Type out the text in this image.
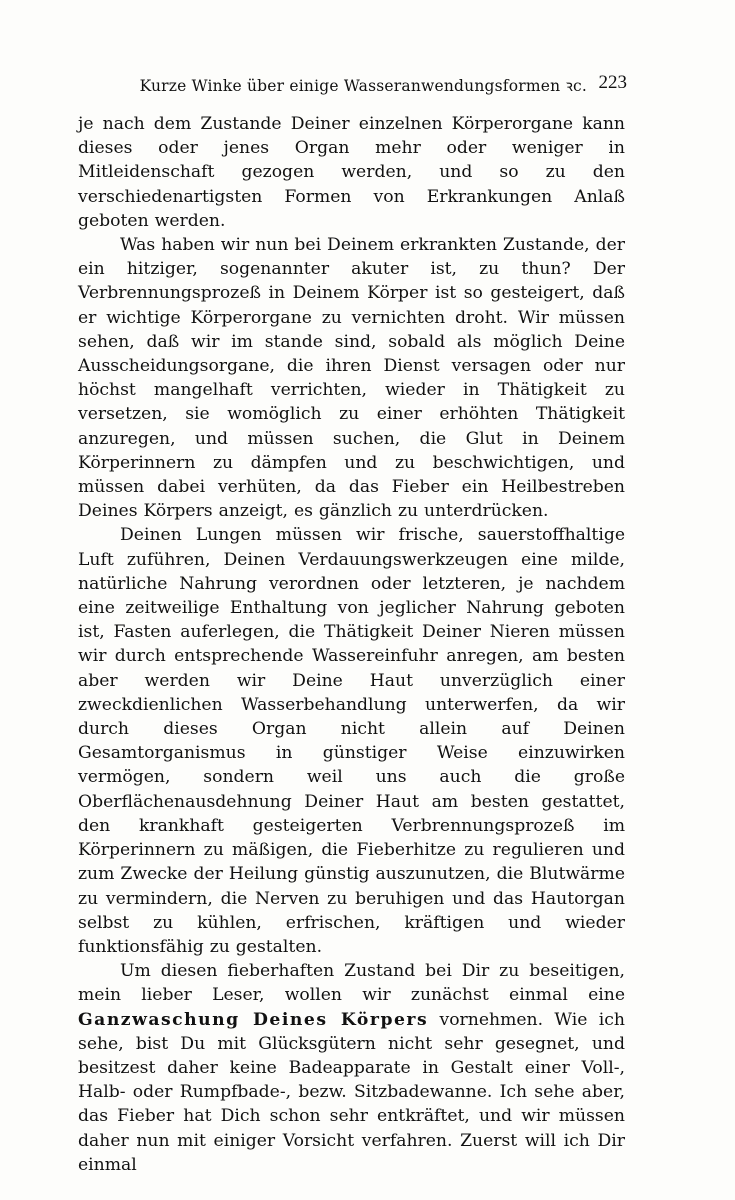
Kurze Winke über einige Wasseranwendungsformen ꝛc. 223

je nach dem Zustande Deiner einzelnen Körperorgane kann dieses oder jenes Organ mehr oder weniger in Mitleidenschaft gezogen werden, und so zu den verschiedenartigsten Formen von Erkrankungen Anlaß geboten werden.

Was haben wir nun bei Deinem erkrankten Zustande, der ein hitziger, sogenannter akuter ist, zu thun? Der Verbrennungsprozeß in Deinem Körper ist so gesteigert, daß er wichtige Körperorgane zu vernichten droht. Wir müssen sehen, daß wir im stande sind, sobald als möglich Deine Ausscheidungsorgane, die ihren Dienst versagen oder nur höchst mangelhaft verrichten, wieder in Thätigkeit zu versetzen, sie womöglich zu einer erhöhten Thätigkeit anzuregen, und müssen suchen, die Glut in Deinem Körperinnern zu dämpfen und zu beschwichtigen, und müssen dabei verhüten, da das Fieber ein Heilbestreben Deines Körpers anzeigt, es gänzlich zu unterdrücken.

Deinen Lungen müssen wir frische, sauerstoffhaltige Luft zuführen, Deinen Verdauungswerkzeugen eine milde, natürliche Nahrung verordnen oder letzteren, je nachdem eine zeitweilige Enthaltung von jeglicher Nahrung geboten ist, Fasten auferlegen, die Thätigkeit Deiner Nieren müssen wir durch entsprechende Wassereinfuhr anregen, am besten aber werden wir Deine Haut unverzüglich einer zweckdienlichen Wasserbehandlung unterwerfen, da wir durch dieses Organ nicht allein auf Deinen Gesamtorganismus in günstiger Weise einzuwirken vermögen, sondern weil uns auch die große Oberflächenausdehnung Deiner Haut am besten gestattet, den krankhaft gesteigerten Verbrennungsprozeß im Körperinnern zu mäßigen, die Fieberhitze zu regulieren und zum Zwecke der Heilung günstig auszunutzen, die Blutwärme zu vermindern, die Nerven zu beruhigen und das Hautorgan selbst zu kühlen, erfrischen, kräftigen und wieder funktionsfähig zu gestalten.

Um diesen fieberhaften Zustand bei Dir zu beseitigen, mein lieber Leser, wollen wir zunächst einmal eine Ganzwaschung Deines Körpers vornehmen. Wie ich sehe, bist Du mit Glücksgütern nicht sehr gesegnet, und besitzest daher keine Badeapparate in Gestalt einer Voll-, Halb- oder Rumpfbade-, bezw. Sitzbadewanne. Ich sehe aber, das Fieber hat Dich schon sehr entkräftet, und wir müssen daher nun mit einiger Vorsicht verfahren. Zuerst will ich Dir einmal
